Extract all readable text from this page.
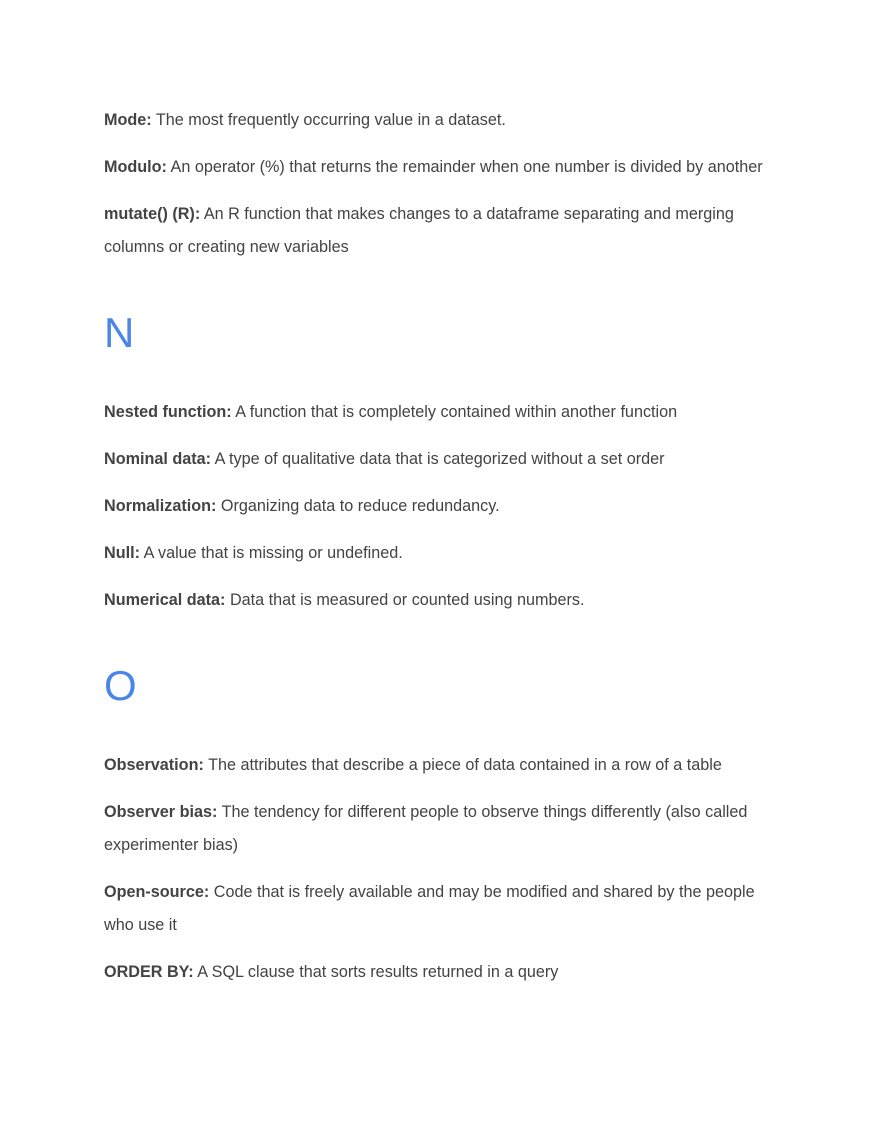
Mode: The most frequently occurring value in a dataset.

Modulo: An operator (%) that returns the remainder when one number is divided by another

mutate() (R): An R function that makes changes to a dataframe separating and merging columns or creating new variables

N

Nested function: A function that is completely contained within another function

Nominal data: A type of qualitative data that is categorized without a set order

Normalization: Organizing data to reduce redundancy.

Null: A value that is missing or undefined.

Numerical data: Data that is measured or counted using numbers.

O

Observation: The attributes that describe a piece of data contained in a row of a table

Observer bias: The tendency for different people to observe things differently (also called experimenter bias)

Open-source: Code that is freely available and may be modified and shared by the people who use it

ORDER BY: A SQL clause that sorts results returned in a query
